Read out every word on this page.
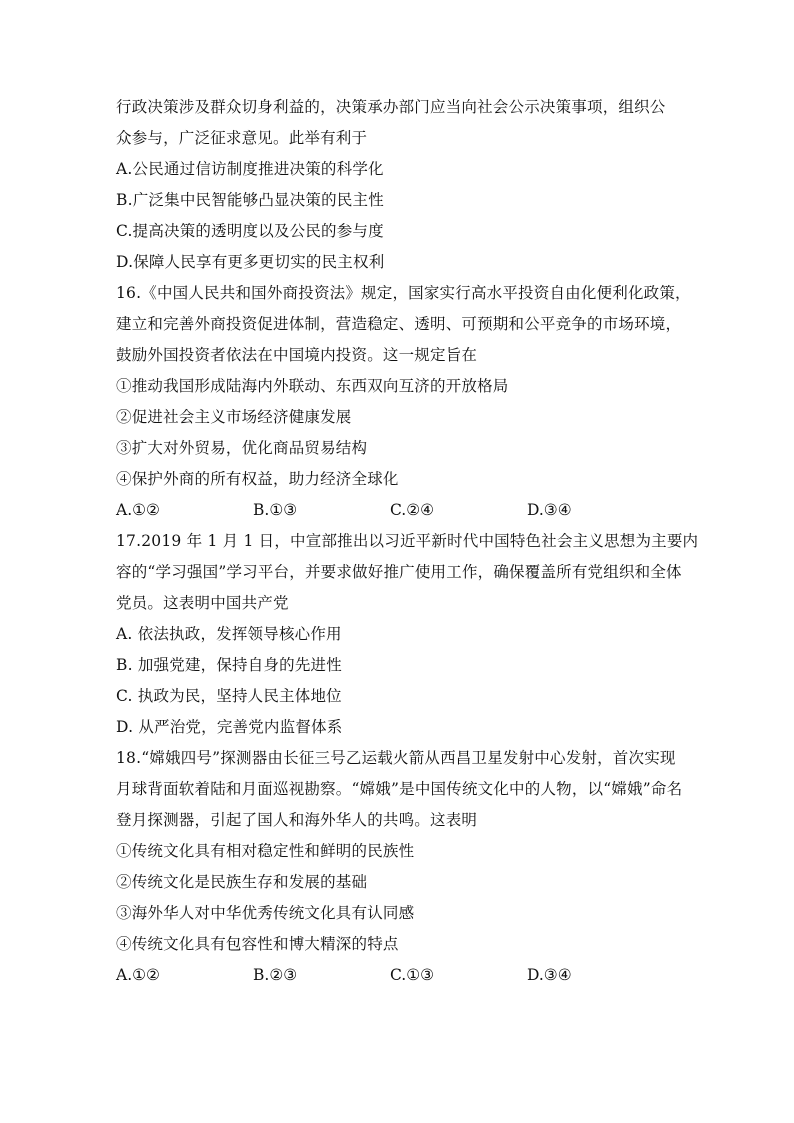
行政决策涉及群众切身利益的，决策承办部门应当向社会公示决策事项，组织公
众参与，广泛征求意见。此举有利于
A.公民通过信访制度推进决策的科学化
B.广泛集中民智能够凸显决策的民主性
C.提高决策的透明度以及公民的参与度
D.保障人民享有更多更切实的民主权利
16.《中国人民共和国外商投资法》规定，国家实行高水平投资自由化便利化政策，
建立和完善外商投资促进体制，营造稳定、透明、可预期和公平竞争的市场环境，
鼓励外国投资者依法在中国境内投资。这一规定旨在
①推动我国形成陆海内外联动、东西双向互济的开放格局
②促进社会主义市场经济健康发展
③扩大对外贸易，优化商品贸易结构
④保护外商的所有权益，助力经济全球化
A.①②	B.①③	C.②④	D.③④
17.2019 年 1 月 1 日，中宣部推出以习近平新时代中国特色社会主义思想为主要内
容的“学习强国”学习平台，并要求做好推广使用工作，确保覆盖所有党组织和全体
党员。这表明中国共产党
A. 依法执政，发挥领导核心作用
B. 加强党建，保持自身的先进性
C. 执政为民，坚持人民主体地位
D. 从严治党，完善党内监督体系
18.“嫦娥四号”探测器由长征三号乙运载火箭从西昌卫星发射中心发射，首次实现
月球背面软着陆和月面巡视勘察。“嫦娥”是中国传统文化中的人物，以“嫦娥”命名
登月探测器，引起了国人和海外华人的共鸣。这表明
①传统文化具有相对稳定性和鲜明的民族性
②传统文化是民族生存和发展的基础
③海外华人对中华优秀传统文化具有认同感
④传统文化具有包容性和博大精深的特点
A.①②	B.②③	C.①③	D.③④
